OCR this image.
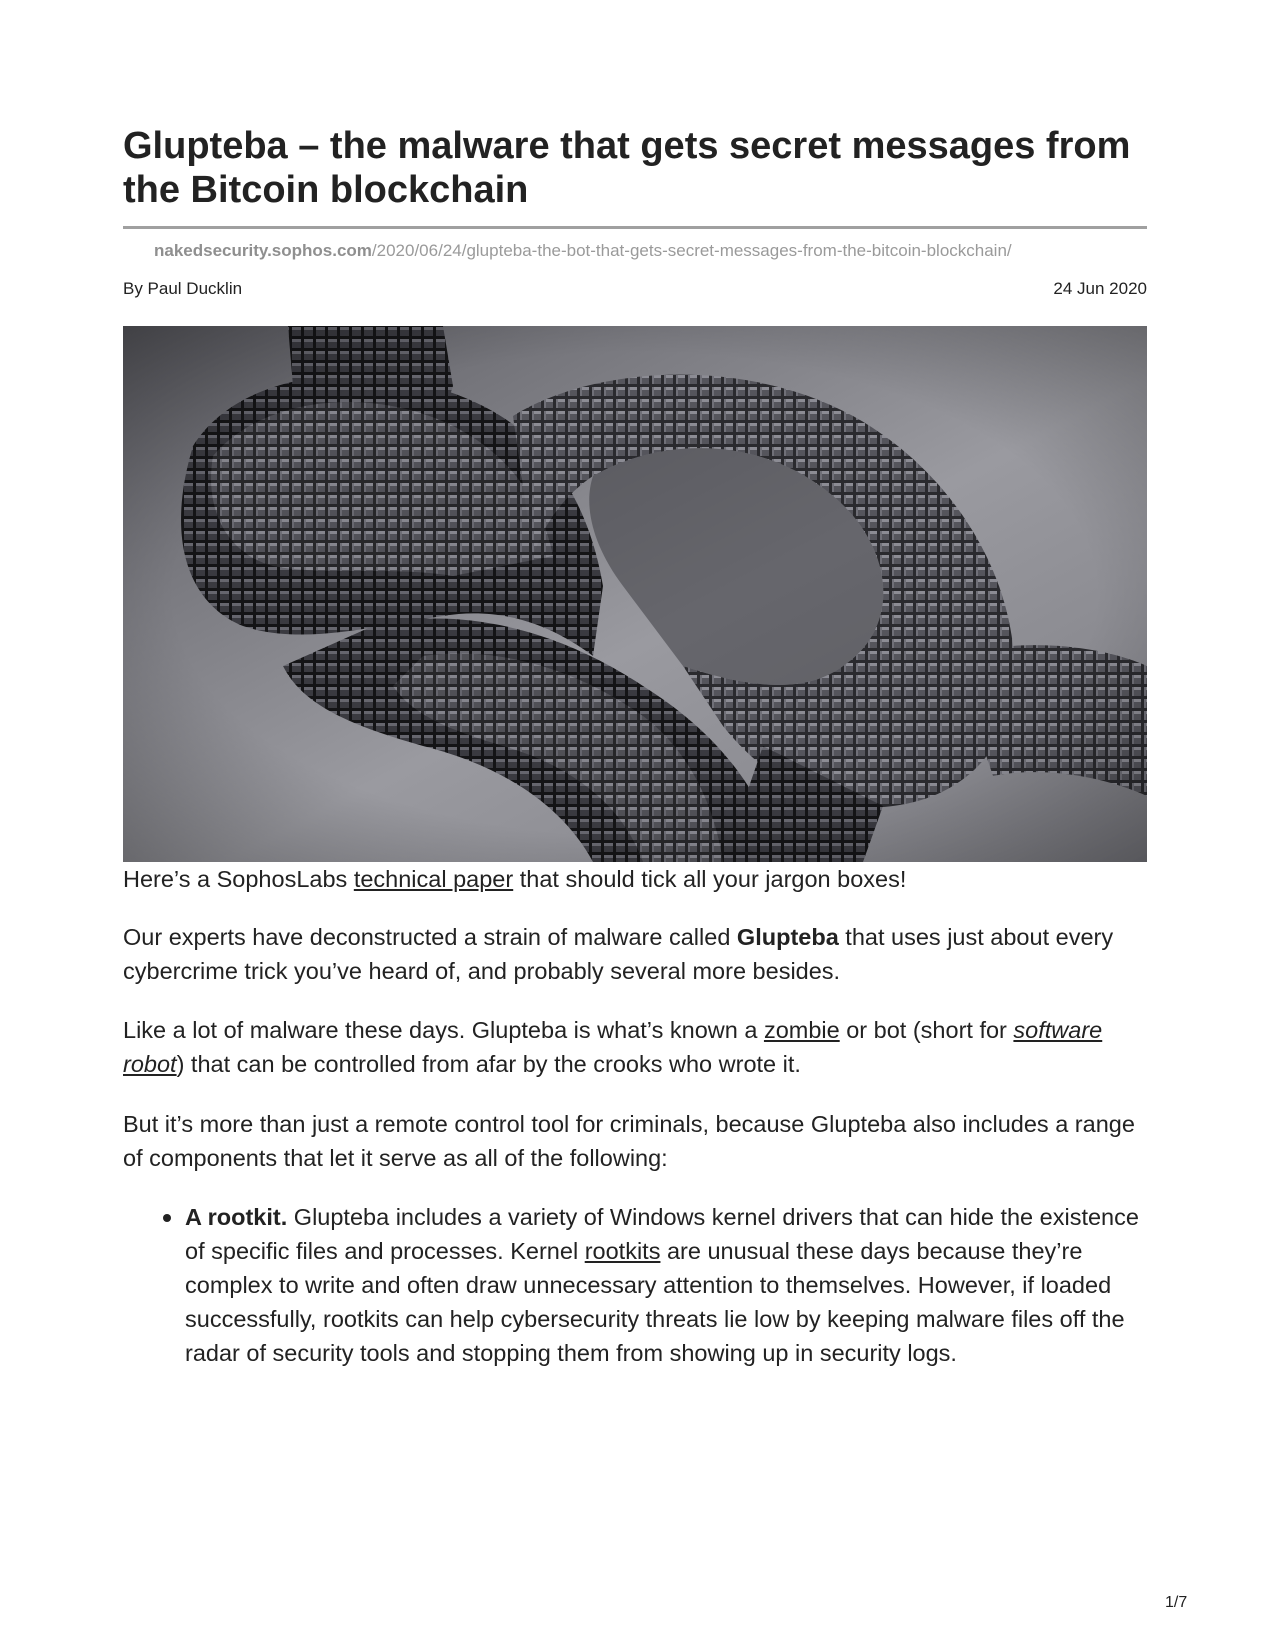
Glupteba – the malware that gets secret messages from the Bitcoin blockchain
nakedsecurity.sophos.com/2020/06/24/glupteba-the-bot-that-gets-secret-messages-from-the-bitcoin-blockchain/
By Paul Ducklin	24 Jun 2020
Here’s a SophosLabs technical paper that should tick all your jargon boxes!
Our experts have deconstructed a strain of malware called Glupteba that uses just about every cybercrime trick you’ve heard of, and probably several more besides.
Like a lot of malware these days. Glupteba is what’s known a zombie or bot (short for software robot) that can be controlled from afar by the crooks who wrote it.
But it’s more than just a remote control tool for criminals, because Glupteba also includes a range of components that let it serve as all of the following:
A rootkit. Glupteba includes a variety of Windows kernel drivers that can hide the existence of specific files and processes. Kernel rootkits are unusual these days because they’re complex to write and often draw unnecessary attention to themselves. However, if loaded successfully, rootkits can help cybersecurity threats lie low by keeping malware files off the radar of security tools and stopping them from showing up in security logs.
1/7
